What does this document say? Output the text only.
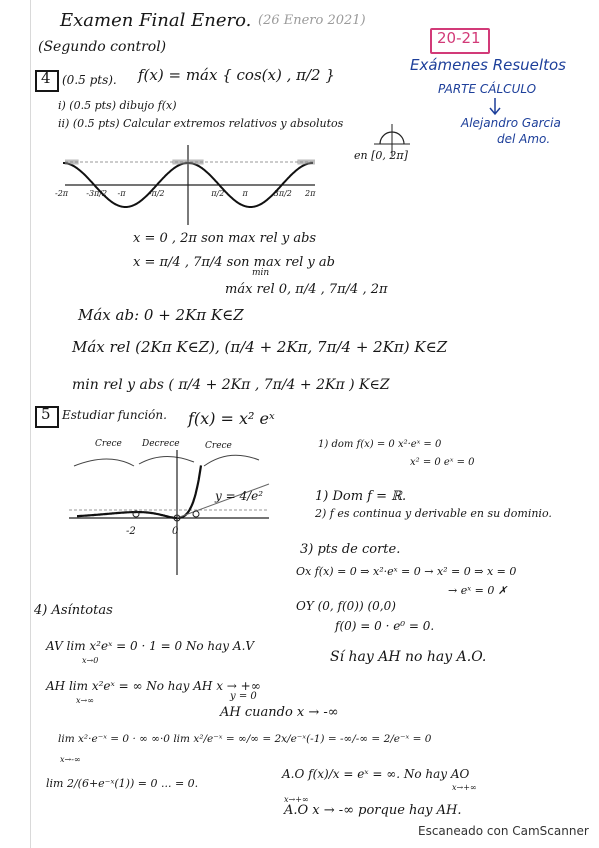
Examen Final Enero. (26 Enero 2021)
(Segundo control)	20-21
Exámenes Resueltos
PARTE CÁLCULO
Alejandro Garcia
del Amo.
4 (0.5 pts). f(x) = máx { cos(x) , π/2 }
i) (0.5 pts) dibujo f(x)
ii) (0.5 pts) Calcular extremos relativos y absolutos
en [0, 2π]
-2π -3π/2 -π	-π/2	π/2 π	3π/2 2π
x = 0 , 2π son max rel y abs
x = π/4 , 7π/4 son max rel y ab
min
máx rel 0, π/4 , 7π/4 , 2π
Máx ab: 0 + 2Kπ K∈Z
Máx rel (2Kπ K∈Z), (π/4 + 2Kπ, 7π/4 + 2Kπ) K∈Z
min rel y abs ( π/4 + 2Kπ , 7π/4 + 2Kπ ) K∈Z
5 Estudiar función. f(x) = x² eˣ
Crece Decrece	Crece
y = 4/e²
-2	0
1) dom f(x) = 0 x²·eˣ = 0
x² = 0 eˣ = 0
1) Dom f = ℝ.
2) f es continua y derivable en su dominio.
3) pts de corte.
Ox f(x) = 0 ⇒ x²·eˣ = 0 → x² = 0 ⇒ x = 0
→ eˣ = 0 ✗
OY (0, f(0)) (0,0)
f(0) = 0 · e⁰ = 0.
4) Asíntotas
AV lim x²eˣ = 0 · 1 = 0 No hay A.V
x→0	Sí hay AH no hay A.O.
AH lim x²eˣ = ∞ No hay AH x → +∞
x→∞	y = 0
AH cuando x → -∞
lim x²·e⁻ˣ = 0 · ∞ ∞·0 lim x²/e⁻ˣ = ∞/∞ = 2x/e⁻ˣ(-1) = -∞/-∞ = 2/e⁻ˣ = 0
x→-∞
lim 2/(6+e⁻ˣ(1)) = 0 ... = 0.
A.O f(x)/x = eˣ = ∞. No hay AO
x→+∞
A.O x → -∞ porque hay AH.
x→+∞
Escaneado con CamScanner
